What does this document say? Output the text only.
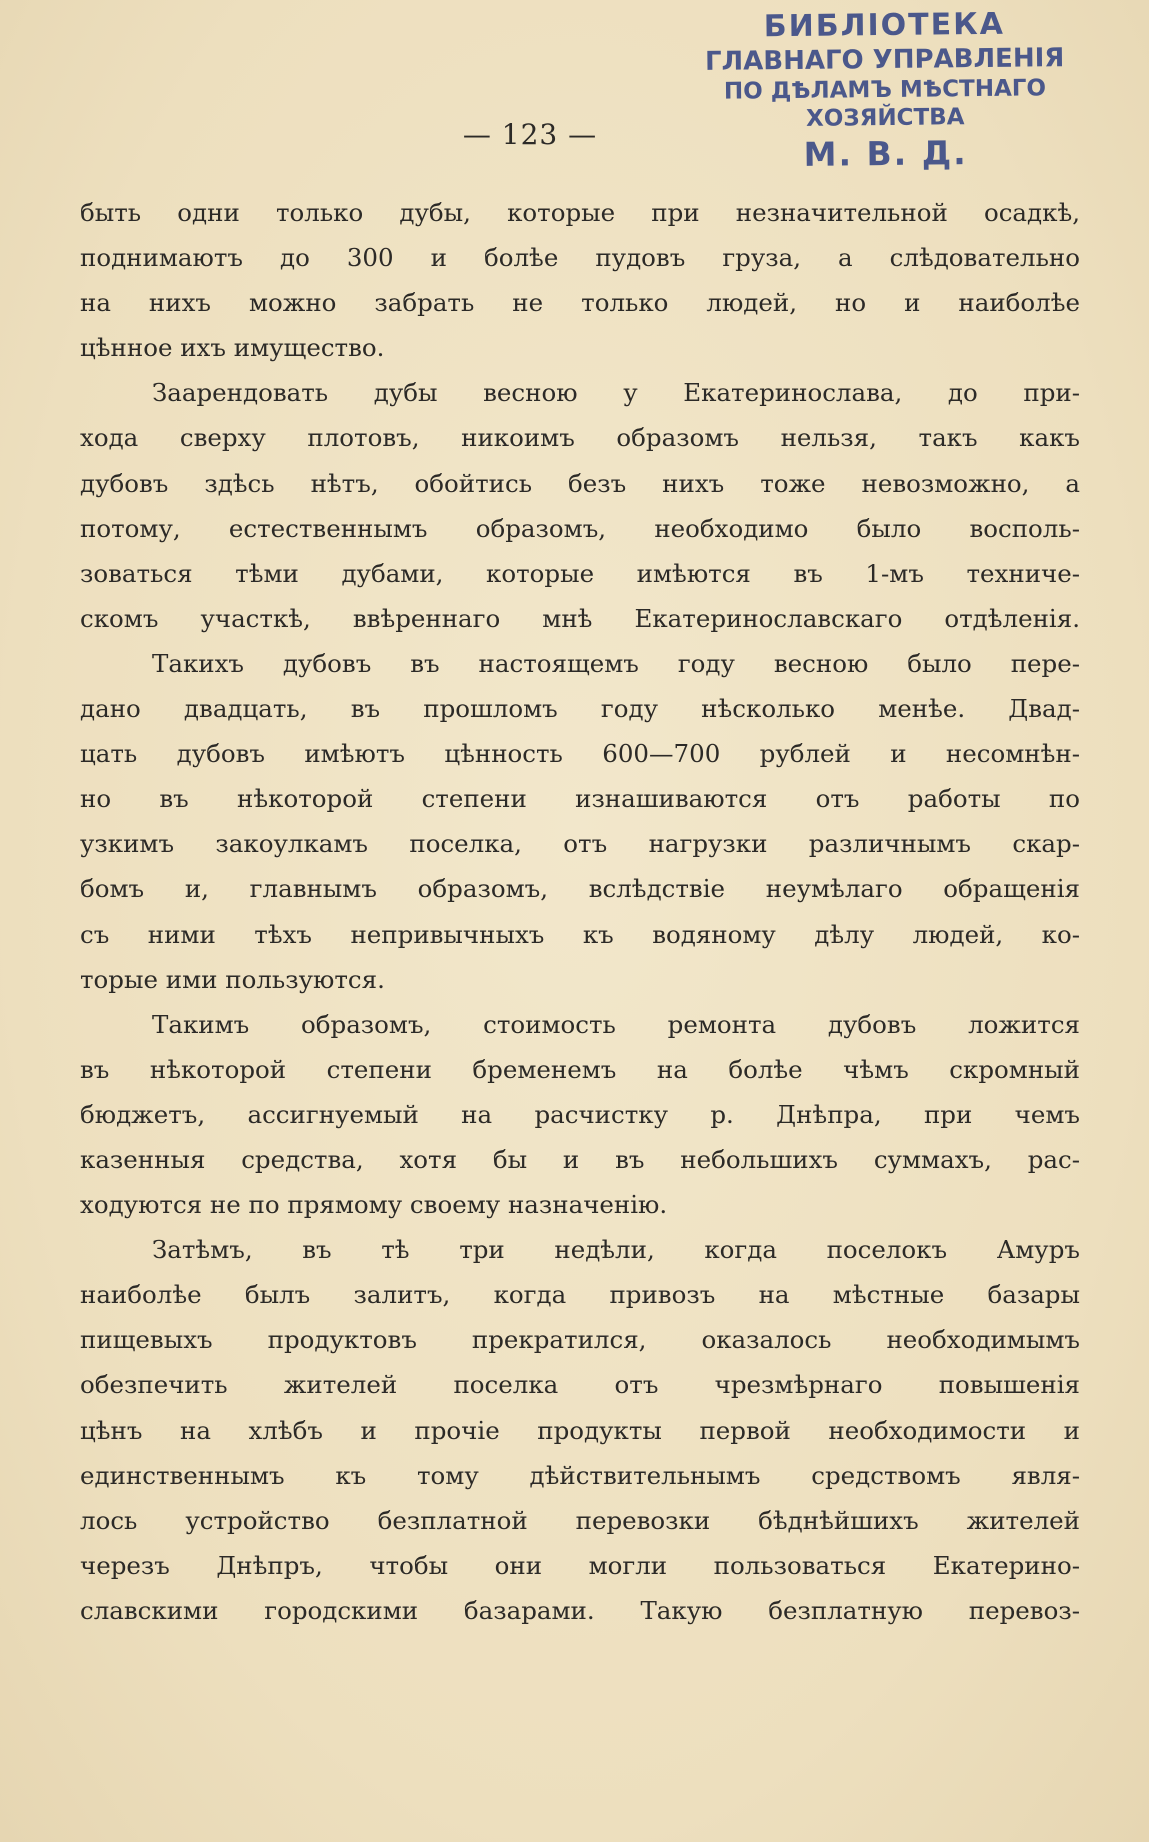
БИБЛІОТЕКА
ГЛАВНАГО УПРАВЛЕНІЯ
ПО ДѢЛАМЪ МѢСТНАГО ХОЗЯЙСТВА
М. В. Д.
— 123 —
быть одни только дубы, которые при незначительной осадкѣ,
поднимаютъ до 300 и болѣе пудовъ груза, а слѣдовательно
на нихъ можно забрать не только людей, но и наиболѣе
цѣнное ихъ имущество.
Заарендовать дубы весною у Екатеринослава, до при-
хода сверху плотовъ, никоимъ образомъ нельзя, такъ какъ
дубовъ здѣсь нѣтъ, обойтись безъ нихъ тоже невозможно, а
потому, естественнымъ образомъ, необходимо было восполь-
зоваться тѣми дубами, которые имѣются въ 1-мъ техниче-
скомъ участкѣ, ввѣреннаго мнѣ Екатеринославскаго отдѣленія.
Такихъ дубовъ въ настоящемъ году весною было пере-
дано двадцать, въ прошломъ году нѣсколько менѣе. Двад-
цать дубовъ имѣютъ цѣнность 600—700 рублей и несомнѣн-
но въ нѣкоторой степени изнашиваются отъ работы по
узкимъ закоулкамъ поселка, отъ нагрузки различнымъ скар-
бомъ и, главнымъ образомъ, вслѣдствіе неумѣлаго обращенія
съ ними тѣхъ непривычныхъ къ водяному дѣлу людей, ко-
торые ими пользуются.
Такимъ образомъ, стоимость ремонта дубовъ ложится
въ нѣкоторой степени бременемъ на болѣе чѣмъ скромный
бюджетъ, ассигнуемый на расчистку р. Днѣпра, при чемъ
казенныя средства, хотя бы и въ небольшихъ суммахъ, рас-
ходуются не по прямому своему назначенію.
Затѣмъ, въ тѣ три недѣли, когда поселокъ Амуръ
наиболѣе былъ залитъ, когда привозъ на мѣстные базары
пищевыхъ продуктовъ прекратился, оказалось необходимымъ
обезпечить жителей поселка отъ чрезмѣрнаго повышенія
цѣнъ на хлѣбъ и прочіе продукты первой необходимости и
единственнымъ къ тому дѣйствительнымъ средствомъ явля-
лось устройство безплатной перевозки бѣднѣйшихъ жителей
черезъ Днѣпръ, чтобы они могли пользоваться Екатерино-
славскими городскими базарами. Такую безплатную перевоз-
